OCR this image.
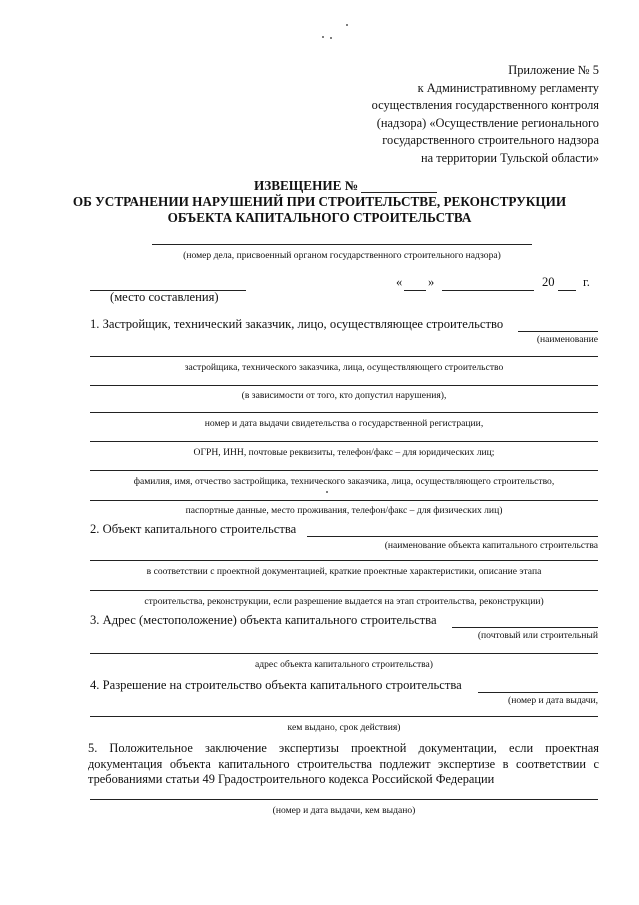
Приложение № 5
к Административному регламенту
осуществления государственного контроля
(надзора) «Осуществление регионального
государственного строительного надзора
на территории Тульской области»
ИЗВЕЩЕНИЕ №
ОБ УСТРАНЕНИИ НАРУШЕНИЙ ПРИ СТРОИТЕЛЬСТВЕ, РЕКОНСТРУКЦИИ
ОБЪЕКТА КАПИТАЛЬНОГО СТРОИТЕЛЬСТВА
(номер дела, присвоенный органом государственного строительного надзора)
(место составления)
« »	20 г.
1. Застройщик, технический заказчик, лицо, осуществляющее строительство
(наименование
застройщика, технического заказчика, лица, осуществляющего строительство
(в зависимости от того, кто допустил нарушения),
номер и дата выдачи свидетельства о государственной регистрации,
ОГРН, ИНН, почтовые реквизиты, телефон/факс – для юридических лиц;
фамилия, имя, отчество застройщика, технического заказчика, лица, осуществляющего строительство,
паспортные данные, место проживания, телефон/факс – для физических лиц)
2. Объект капитального строительства
(наименование объекта капитального строительства
в соответствии с проектной документацией, краткие проектные характеристики, описание этапа
строительства, реконструкции, если разрешение выдается на этап строительства, реконструкции)
3. Адрес (местоположение) объекта капитального строительства
(почтовый или строительный
адрес объекта капитального строительства)
4. Разрешение на строительство объекта капитального строительства
(номер и дата выдачи,
кем выдано, срок действия)
5. Положительное заключение экспертизы проектной документации, если проектная документация объекта капитального строительства подлежит экспертизе в соответствии с требованиями статьи 49 Градостроительного кодекса Российской Федерации
(номер и дата выдачи, кем выдано)
